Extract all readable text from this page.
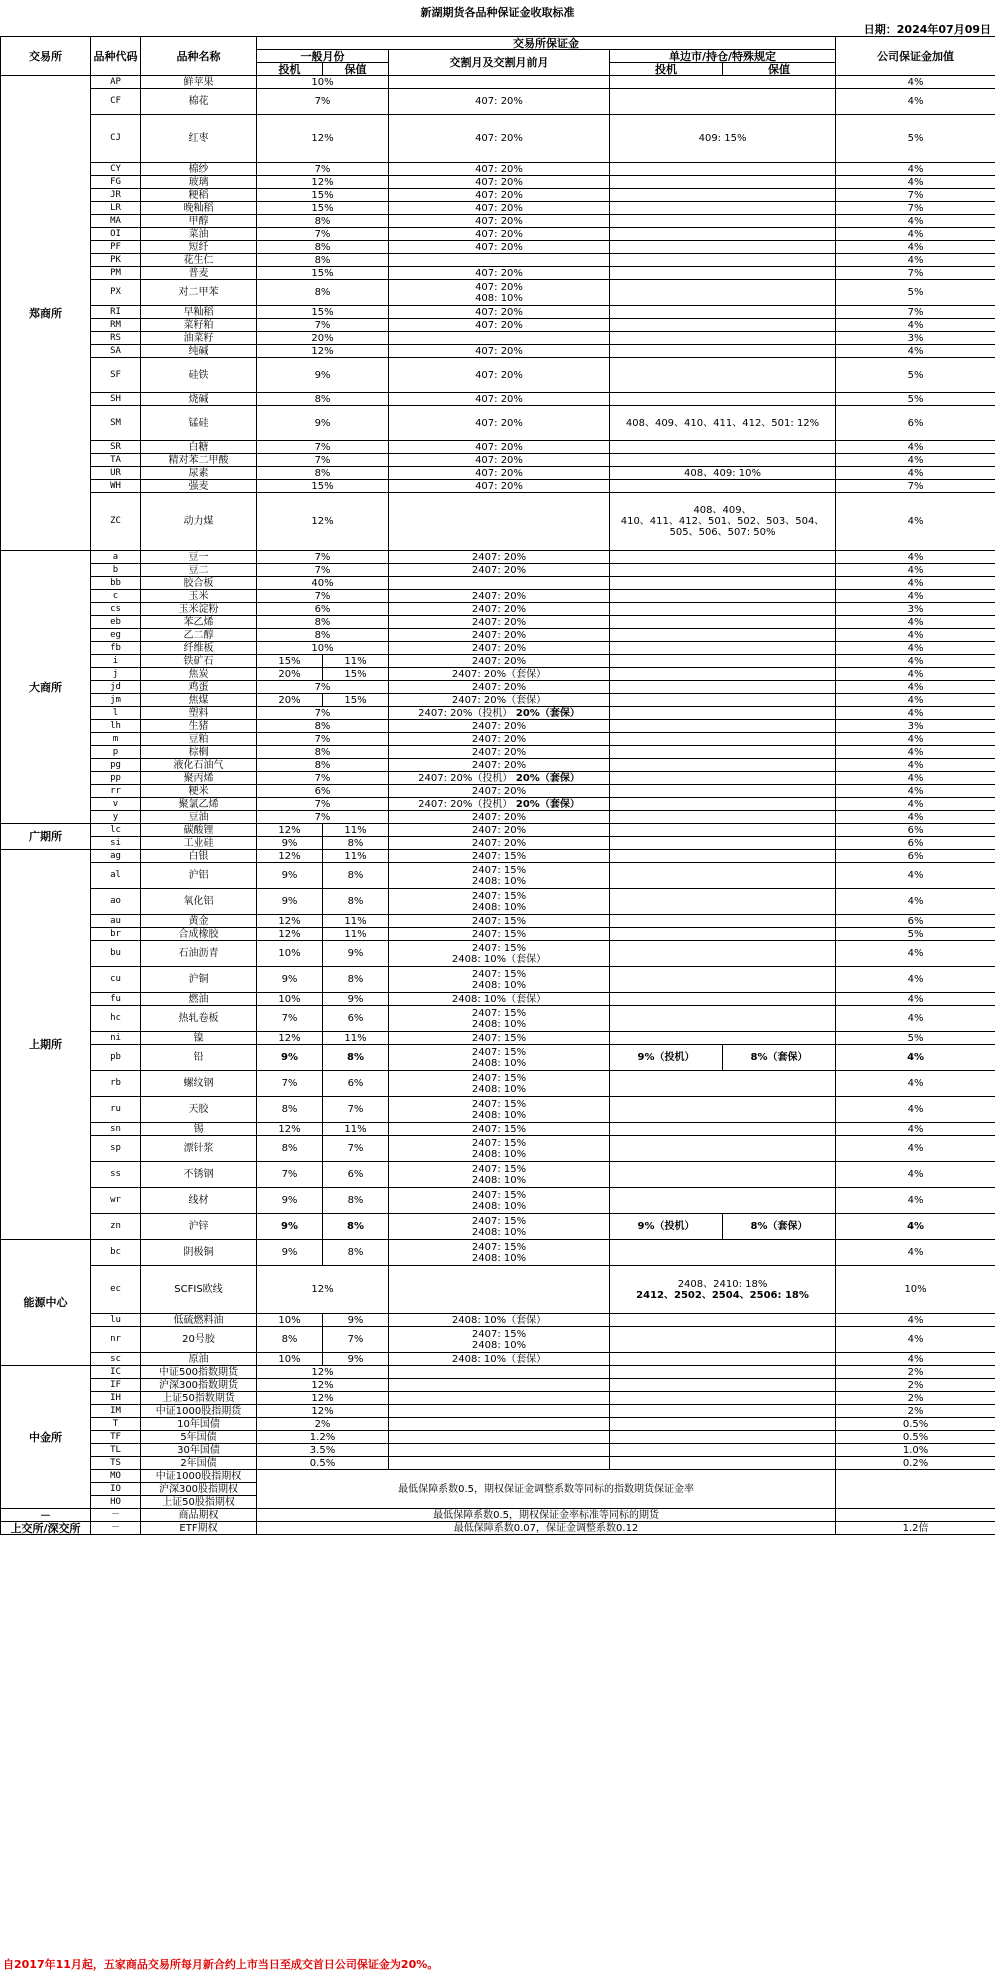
新湖期货各品种保证金收取标准
日期：2024年07月09日
交易所	品种代码	品种名称	交易所保证金					公司保证金加值
			一般月份		交割月及交割月前月	单边市/持仓/特殊规定		
			投机	保值		投机	保值	
郑商所	AP	鲜苹果	10%					4%
	CF	棉花	7%		407: 20%			4%
	CJ	红枣	12%		407: 20%	409: 15%		5%
	CY	棉纱	7%		407: 20%			4%
	FG	玻璃	12%		407: 20%			4%
	JR	粳稻	15%		407: 20%			7%
	LR	晚籼稻	15%		407: 20%			7%
	MA	甲醇	8%		407: 20%			4%
	OI	菜油	7%		407: 20%			4%
	PF	短纤	8%		407: 20%			4%
	PK	花生仁	8%					4%
	PM	普麦	15%		407: 20%			7%
	PX	对二甲苯	8%		407: 20%
408: 10%			5%
	RI	早籼稻	15%		407: 20%			7%
	RM	菜籽粕	7%		407: 20%			4%
	RS	油菜籽	20%					3%
	SA	纯碱	12%		407: 20%			4%
	SF	硅铁	9%		407: 20%			5%
	SH	烧碱	8%		407: 20%			5%
	SM	锰硅	9%		407: 20%	408、409、410、411、412、501: 12%		6%
	SR	白糖	7%		407: 20%			4%
	TA	精对苯二甲酸	7%		407: 20%			4%
	UR	尿素	8%		407: 20%	408、409: 10%		4%
	WH	强麦	15%		407: 20%			7%
	ZC	动力煤	12%			408、409、
410、411、412、501、502、503、504、
505、506、507: 50%		4%
大商所	a	豆一	7%		2407: 20%			4%
	b	豆二	7%		2407: 20%			4%
	bb	胶合板	40%					4%
	c	玉米	7%		2407: 20%			4%
	cs	玉米淀粉	6%		2407: 20%			3%
	eb	苯乙烯	8%		2407: 20%			4%
	eg	乙二醇	8%		2407: 20%			4%
	fb	纤维板	10%		2407: 20%			4%
	i	铁矿石	15%	11%	2407: 20%			4%
	j	焦炭	20%	15%	2407: 20%（套保）			4%
	jd	鸡蛋	7%		2407: 20%			4%
	jm	焦煤	20%	15%	2407: 20%（套保）			4%
	l	塑料	7%		2407: 20%（投机） 20%（套保）			4%
	lh	生猪	8%		2407: 20%			3%
	m	豆粕	7%		2407: 20%			4%
	p	棕榈	8%		2407: 20%			4%
	pg	液化石油气	8%		2407: 20%			4%
	pp	聚丙烯	7%		2407: 20%（投机） 20%（套保）			4%
	rr	粳米	6%		2407: 20%			4%
	v	聚氯乙烯	7%		2407: 20%（投机） 20%（套保）			4%
	y	豆油	7%		2407: 20%			4%
广期所	lc	碳酸锂	12%	11%	2407: 20%			6%
	si	工业硅	9%	8%	2407: 20%			6%
上期所	ag	白银	12%	11%	2407: 15%			6%
	al	沪铝	9%	8%	2407: 15%
2408: 10%			4%
	ao	氧化铝	9%	8%	2407: 15%
2408: 10%			4%
	au	黄金	12%	11%	2407: 15%			6%
	br	合成橡胶	12%	11%	2407: 15%			5%
	bu	石油沥青	10%	9%	2407: 15%
2408: 10%（套保）			4%
	cu	沪铜	9%	8%	2407: 15%
2408: 10%			4%
	fu	燃油	10%	9%	2408: 10%（套保）			4%
	hc	热轧卷板	7%	6%	2407: 15%
2408: 10%			4%
	ni	镍	12%	11%	2407: 15%			5%
	pb	铅	9%	8%	2407: 15%
2408: 10%	9%（投机）	8%（套保）	4%
	rb	螺纹钢	7%	6%	2407: 15%
2408: 10%			4%
	ru	天胶	8%	7%	2407: 15%
2408: 10%			4%
	sn	锡	12%	11%	2407: 15%			4%
	sp	漂针浆	8%	7%	2407: 15%
2408: 10%			4%
	ss	不锈钢	7%	6%	2407: 15%
2408: 10%			4%
	wr	线材	9%	8%	2407: 15%
2408: 10%			4%
	zn	沪锌	9%	8%	2407: 15%
2408: 10%	9%（投机）	8%（套保）	4%
能源中心	bc	阴极铜	9%	8%	2407: 15%
2408: 10%			4%
	ec	SCFIS欧线	12%			2408、2410: 18%
2412、2502、2504、2506: 18%		10%
	lu	低硫燃料油	10%	9%	2408: 10%（套保）			4%
	nr	20号胶	8%	7%	2407: 15%
2408: 10%			4%
	sc	原油	10%	9%	2408: 10%（套保）			4%
中金所	IC	中证500指数期货	12%					2%
	IF	沪深300指数期货	12%					2%
	IH	上证50指数期货	12%					2%
	IM	中证1000股指期货	12%					2%
	T	10年国债	2%					0.5%
	TF	5年国债	1.2%					0.5%
	TL	30年国债	3.5%					1.0%
	TS	2年国债	0.5%					0.2%
	MO	中证1000股指期权	最低保障系数0.5，期权保证金调整系数等同标的指数期货保证金率					
	IO	沪深300股指期权						
	HO	上证50股指期权						
－	－	商品期权	最低保障系数0.5，期权保证金率标准等同标的期货					
上交所/深交所	－	ETF期权	最低保障系数0.07，保证金调整系数0.12					1.2倍
自2017年11月起，五家商品交易所每月新合约上市当日至成交首日公司保证金为20%。
